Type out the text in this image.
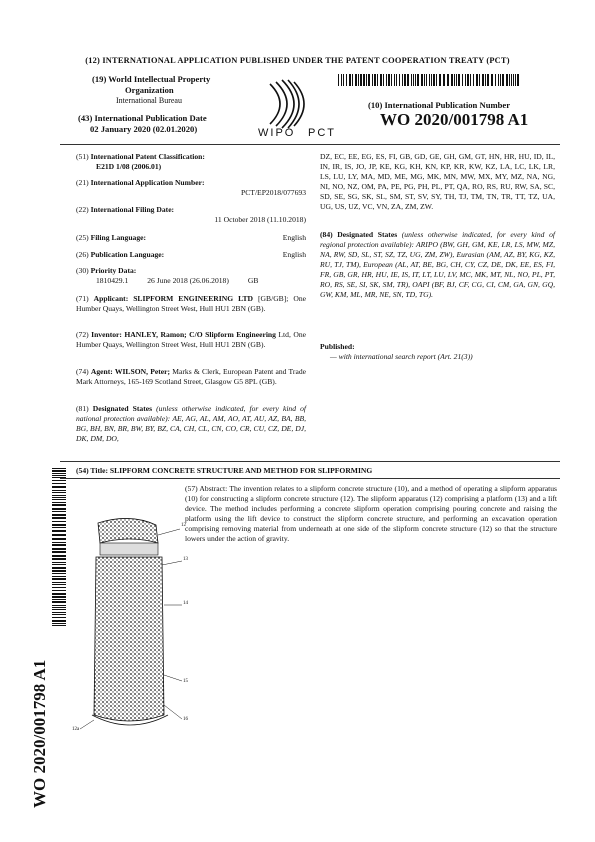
(12) INTERNATIONAL APPLICATION PUBLISHED UNDER THE PATENT COOPERATION TREATY (PCT)
(19) World Intellectual Property
Organization
International Bureau
(43) International Publication Date
02 January 2020 (02.01.2020)	WIPO PCT
(10) International Publication Number
WO 2020/001798 A1
(51) International Patent Classification:
E21D 1/08 (2006.01)
(21) International Application Number:
PCT/EP2018/077693
(22) International Filing Date:
11 October 2018 (11.10.2018)
(25) Filing Language:	English
(26) Publication Language:	English
(30) Priority Data:
1810429.1          26 June 2018 (26.06.2018)          GB
(71) Applicant: SLIPFORM ENGINEERING LTD [GB/GB]; One Humber Quays, Wellington Street West, Hull HU1 2BN (GB).
(72) Inventor: HANLEY, Ramon; C/O Slipform Engineering Ltd, One Humber Quays, Wellington Street West, Hull HU1 2BN (GB).
(74) Agent: WILSON, Peter; Marks & Clerk, European Patent and Trade Mark Attorneys, 165-169 Scotland Street, Glasgow G5 8PL (GB).
(81) Designated States (unless otherwise indicated, for every kind of national protection available): AE, AG, AL, AM, AO, AT, AU, AZ, BA, BB, BG, BH, BN, BR, BW, BY, BZ, CA, CH, CL, CN, CO, CR, CU, CZ, DE, DJ, DK, DM, DO,
DZ, EC, EE, EG, ES, FI, GB, GD, GE, GH, GM, GT, HN, HR, HU, ID, IL, IN, IR, IS, JO, JP, KE, KG, KH, KN, KP, KR, KW, KZ, LA, LC, LK, LR, LS, LU, LY, MA, MD, ME, MG, MK, MN, MW, MX, MY, MZ, NA, NG, NI, NO, NZ, OM, PA, PE, PG, PH, PL, PT, QA, RO, RS, RU, RW, SA, SC, SD, SE, SG, SK, SL, SM, ST, SV, SY, TH, TJ, TM, TN, TR, TT, TZ, UA, UG, US, UZ, VC, VN, ZA, ZM, ZW.
(84) Designated States (unless otherwise indicated, for every kind of regional protection available): ARIPO (BW, GH, GM, KE, LR, LS, MW, MZ, NA, RW, SD, SL, ST, SZ, TZ, UG, ZM, ZW), Eurasian (AM, AZ, BY, KG, KZ, RU, TJ, TM), European (AL, AT, BE, BG, CH, CY, CZ, DE, DK, EE, ES, FI, FR, GB, GR, HR, HU, IE, IS, IT, LT, LU, LV, MC, MK, MT, NL, NO, PL, PT, RO, RS, SE, SI, SK, SM, TR), OAPI (BF, BJ, CF, CG, CI, CM, GA, GN, GQ, GW, KM, ML, MR, NE, SN, TD, TG).
Published:
— with international search report (Art. 21(3))
(54) Title: SLIPFORM CONCRETE STRUCTURE AND METHOD FOR SLIPFORMING
(57) Abstract: The invention relates to a slipform concrete structure (10), and a method of operating a slipform apparatus (10) for constructing a slipform concrete structure (12). The slipform apparatus (12) comprising a platform (13) and a lift device. The method includes performing a concrete slipform operation comprising pouring concrete and raising the platform using the lift device to construct the slipform concrete structure, and performing an excavation operation comprising removing material from underneath at one side of the slipform concrete structure (12) so that the structure lowers under the action of gravity.
12
13
14
15
16
12a
WO 2020/001798 A1
